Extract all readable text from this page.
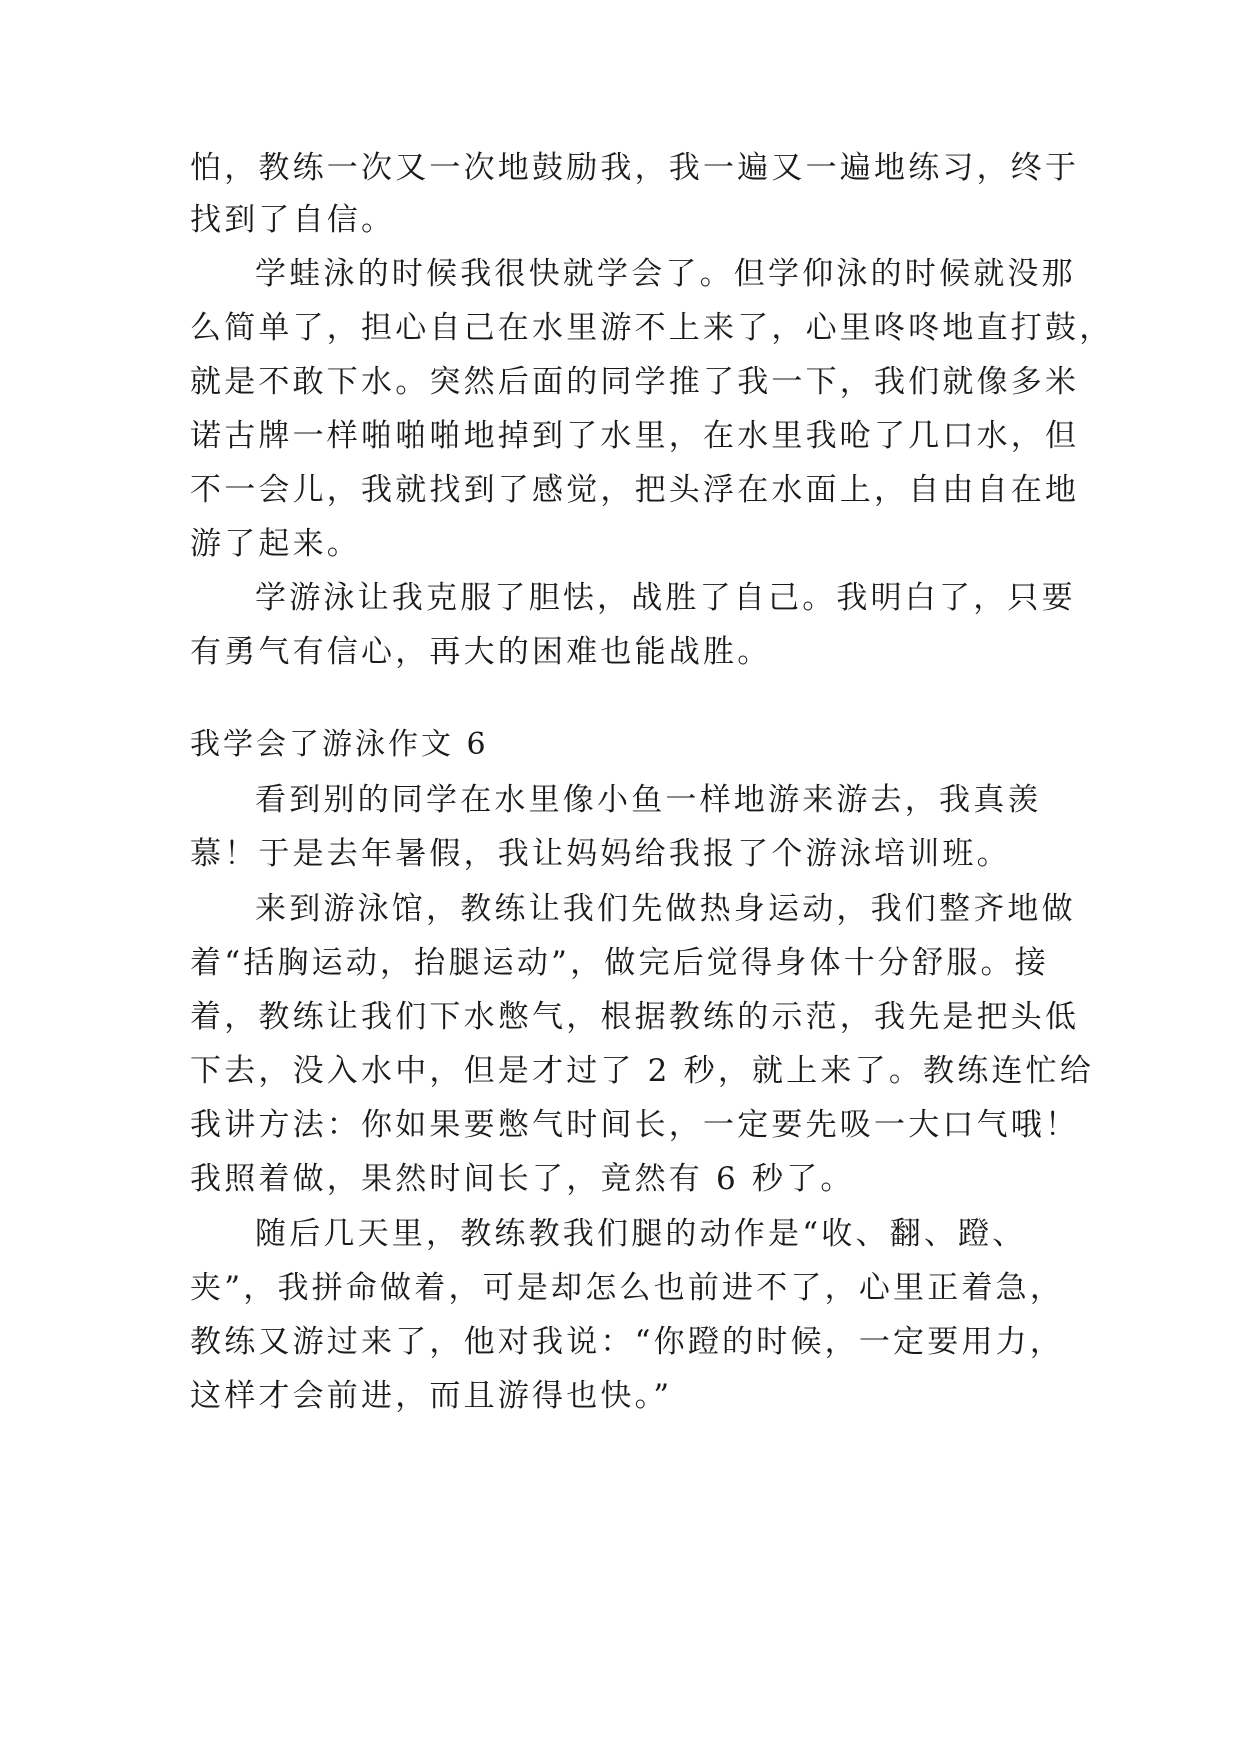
怕，教练一次又一次地鼓励我，我一遍又一遍地练习，终于
找到了自信。
学蛙泳的时候我很快就学会了。但学仰泳的时候就没那
么简单了，担心自己在水里游不上来了，心里咚咚地直打鼓，
就是不敢下水。突然后面的同学推了我一下，我们就像多米
诺古牌一样啪啪啪地掉到了水里，在水里我呛了几口水，但
不一会儿，我就找到了感觉，把头浮在水面上，自由自在地
游了起来。
学游泳让我克服了胆怯，战胜了自己。我明白了，只要
有勇气有信心，再大的困难也能战胜。
我学会了游泳作文 6
看到别的同学在水里像小鱼一样地游来游去，我真羡
慕！于是去年暑假，我让妈妈给我报了个游泳培训班。
来到游泳馆，教练让我们先做热身运动，我们整齐地做
着“括胸运动，抬腿运动”，做完后觉得身体十分舒服。接
着，教练让我们下水憋气，根据教练的示范，我先是把头低
下去，没入水中，但是才过了 2 秒，就上来了。教练连忙给
我讲方法：你如果要憋气时间长，一定要先吸一大口气哦！
我照着做，果然时间长了，竟然有 6 秒了。
随后几天里，教练教我们腿的动作是“收、翻、蹬、
夹”，我拼命做着，可是却怎么也前进不了，心里正着急，
教练又游过来了，他对我说：“你蹬的时候，一定要用力，
这样才会前进，而且游得也快。”
